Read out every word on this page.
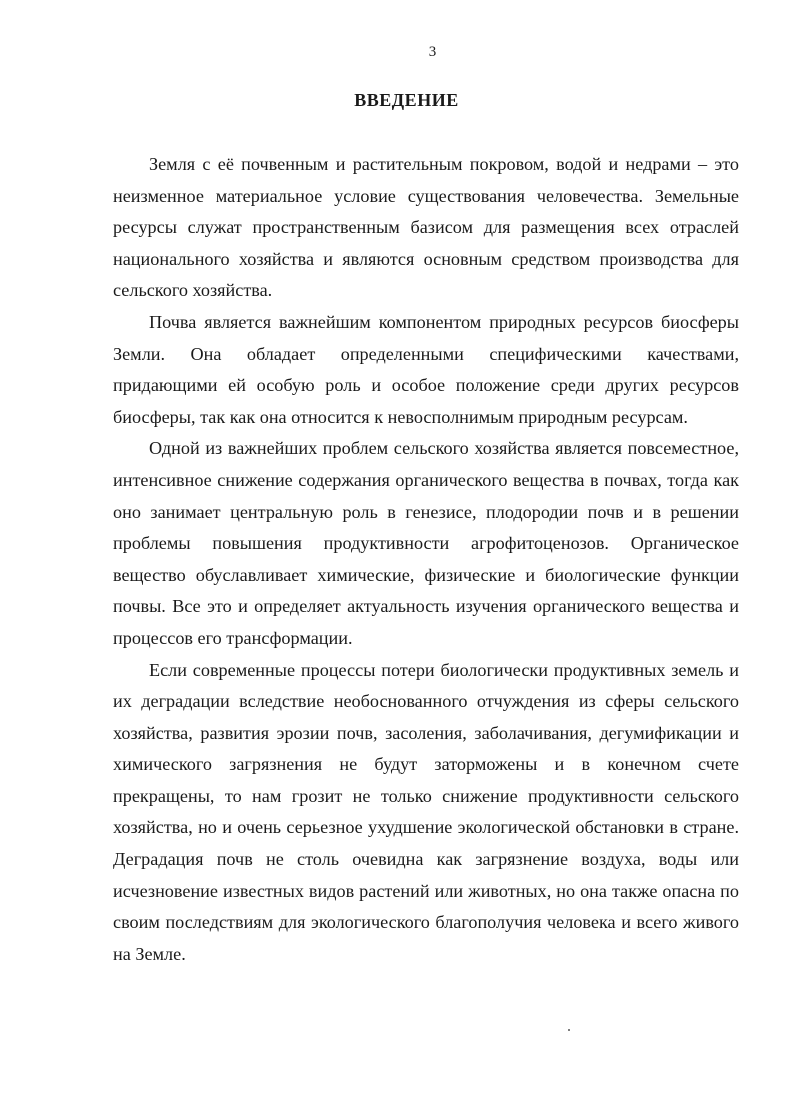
3
ВВЕДЕНИЕ

Земля с её почвенным и растительным покровом, водой и недрами – это неизменное материальное условие существования человечества. Земельные ресурсы служат пространственным базисом для размещения всех отраслей национального хозяйства и являются основным средством производства для сельского хозяйства.

Почва является важнейшим компонентом природных ресурсов биосферы Земли. Она обладает определенными специфическими качествами, придающими ей особую роль и особое положение среди других ресурсов биосферы, так как она относится к невосполнимым природным ресурсам.

Одной из важнейших проблем сельского хозяйства является повсеместное, интенсивное снижение содержания органического вещества в почвах, тогда как оно занимает центральную роль в генезисе, плодородии почв и в решении проблемы повышения продуктивности агрофитоценозов. Органическое вещество обуславливает химические, физические и биологические функции почвы. Все это и определяет актуальность изучения органического вещества и процессов его трансформации.

Если современные процессы потери биологически продуктивных земель и их деградации вследствие необоснованного отчуждения из сферы сельского хозяйства, развития эрозии почв, засоления, заболачивания, дегумификации и химического загрязнения не будут заторможены и в конечном счете прекращены, то нам грозит не только снижение продуктивности сельского хозяйства, но и очень серьезное ухудшение экологической обстановки в стране. Деградация почв не столь очевидна как загрязнение воздуха, воды или исчезновение известных видов растений или животных, но она также опасна по своим последствиям для экологического благополучия человека и всего живого на Земле.
